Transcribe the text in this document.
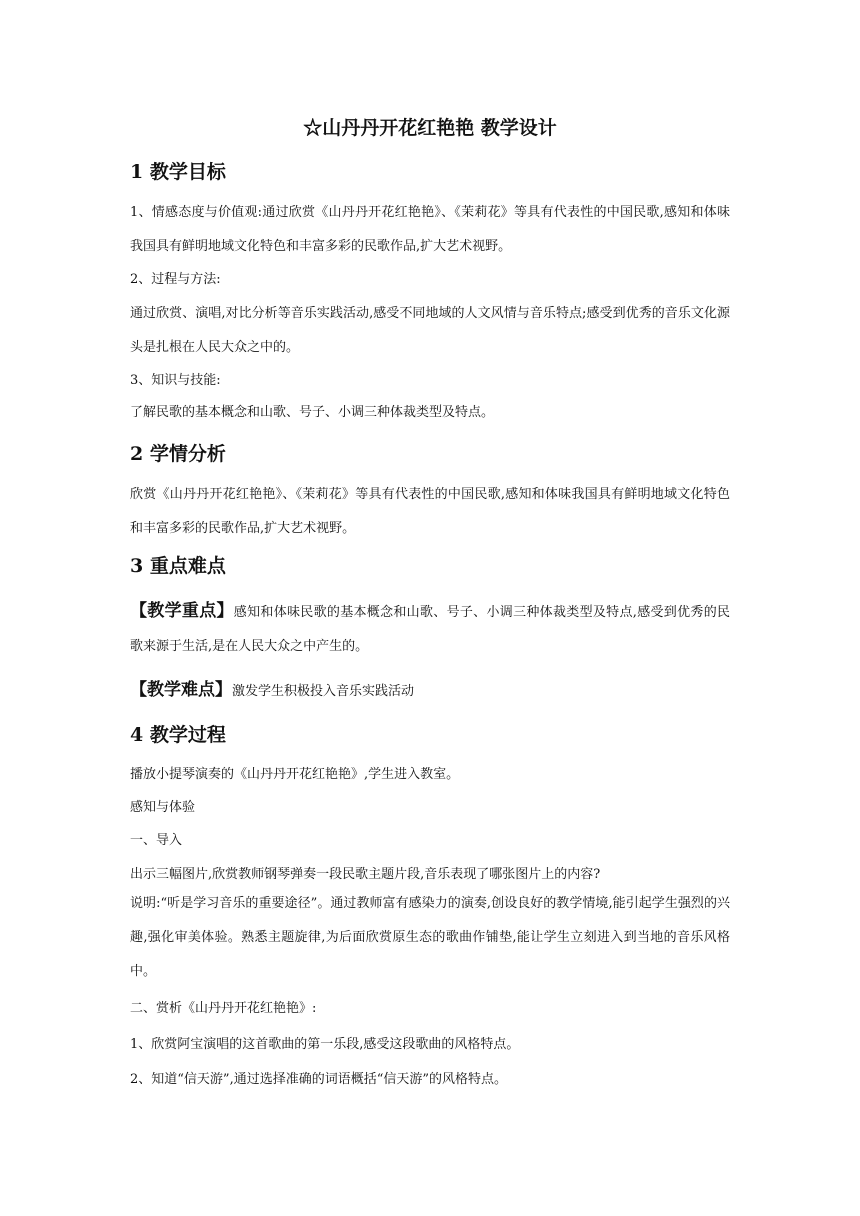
☆山丹丹开花红艳艳 教学设计
1 教学目标
1、情感态度与价值观:通过欣赏《山丹丹开花红艳艳》、《茉莉花》等具有代表性的中国民歌,感知和体味我国具有鲜明地域文化特色和丰富多彩的民歌作品,扩大艺术视野。
2、过程与方法:
通过欣赏、演唱,对比分析等音乐实践活动,感受不同地域的人文风情与音乐特点;感受到优秀的音乐文化源头是扎根在人民大众之中的。
3、知识与技能:
了解民歌的基本概念和山歌、号子、小调三种体裁类型及特点。
2 学情分析
欣赏《山丹丹开花红艳艳》、《茉莉花》等具有代表性的中国民歌,感知和体味我国具有鲜明地域文化特色和丰富多彩的民歌作品,扩大艺术视野。
3 重点难点
【教学重点】感知和体味民歌的基本概念和山歌、号子、小调三种体裁类型及特点,感受到优秀的民歌来源于生活,是在人民大众之中产生的。
【教学难点】激发学生积极投入音乐实践活动
4 教学过程
播放小提琴演奏的《山丹丹开花红艳艳》,学生进入教室。
感知与体验
一、导入
出示三幅图片,欣赏教师钢琴弹奏一段民歌主题片段,音乐表现了哪张图片上的内容?
说明:“听是学习音乐的重要途径”。通过教师富有感染力的演奏,创设良好的教学情境,能引起学生强烈的兴趣,强化审美体验。熟悉主题旋律,为后面欣赏原生态的歌曲作铺垫,能让学生立刻进入到当地的音乐风格中。
二、赏析《山丹丹开花红艳艳》:
1、欣赏阿宝演唱的这首歌曲的第一乐段,感受这段歌曲的风格特点。
2、知道“信天游”,通过选择准确的词语概括“信天游”的风格特点。
